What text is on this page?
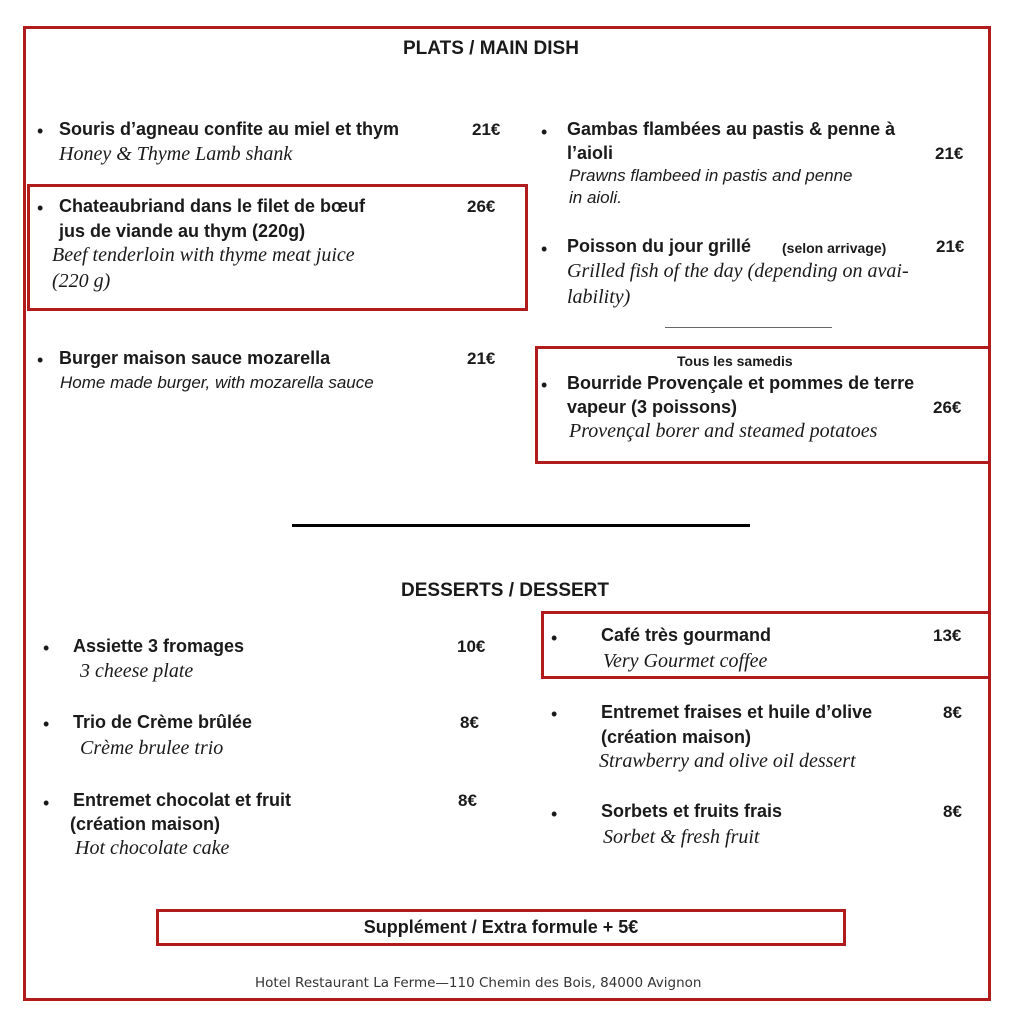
PLATS / MAIN DISH
• Souris d’agneau confite au miel et thym	21€
Honey & Thyme Lamb shank
• Chateaubriand dans le filet de bœuf
jus de viande au thym (220g)
26€
Beef tenderloin with thyme meat juice
(220 g)
• Burger maison sauce mozarella	21€
Home made burger, with mozarella sauce
• Gambas flambées au pastis & penne à
l’aioli	21€
Prawns flambeed in pastis and penne
in aioli.
• Poisson du jour grillé (selon arrivage)	21€
Grilled fish of the day (depending on avai-
lability)
Tous les samedis
• Bourride Provençale et pommes de terre
vapeur (3 poissons)	26€
Provençal borer and steamed potatoes
DESSERTS / DESSERT
• Assiette 3 fromages	10€
3 cheese plate
• Trio de Crème brûlée	8€
Crème brulee trio
• Entremet chocolat et fruit
(création maison)
8€
Hot chocolate cake
• Café très gourmand	13€
Very Gourmet coffee
• Entremet fraises et huile d’olive
(création maison)
8€
Strawberry and olive oil dessert
• Sorbets et fruits frais	8€
Sorbet & fresh fruit
Supplément / Extra formule + 5€
Hotel Restaurant La Ferme—110 Chemin des Bois, 84000 Avignon
